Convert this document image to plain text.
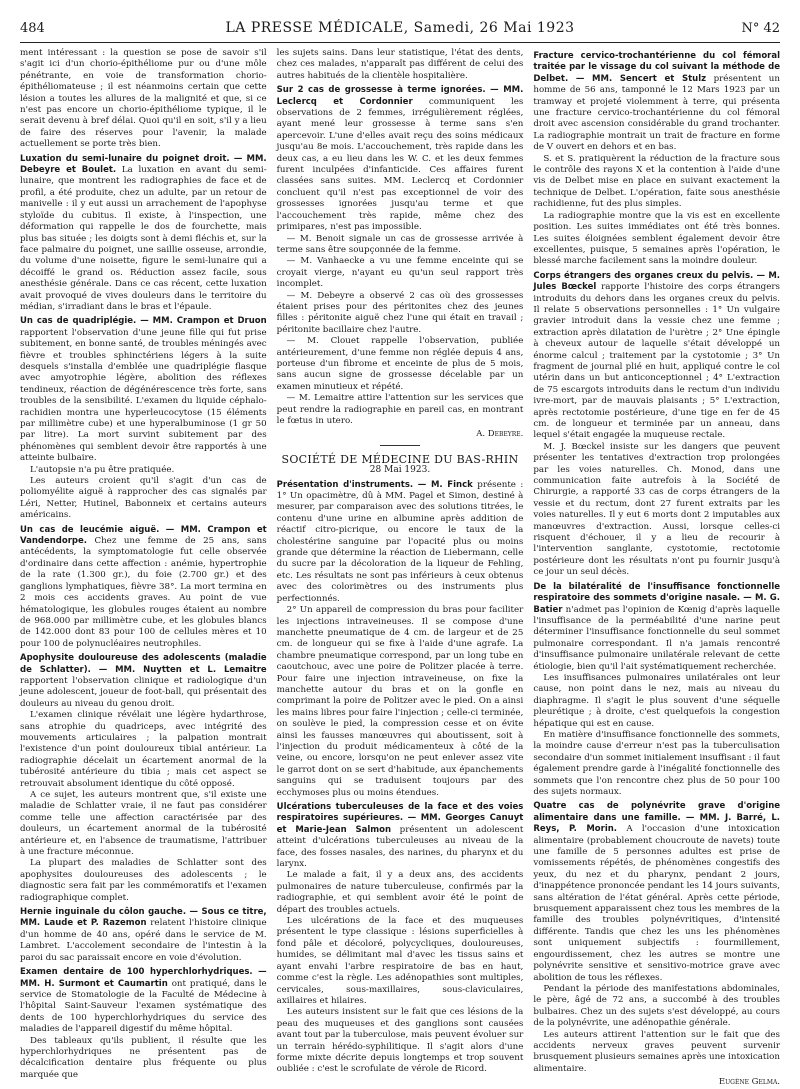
484	LA PRESSE MÉDICALE, Samedi, 26 Mai 1923	N° 42

ment intéressant : la question se pose de savoir s'il s'agit ici d'un chorio-épithéliome pur ou d'une môle pénétrante, en voie de transformation chorio-épithéliomateuse ; il est néanmoins certain que cette lésion a toutes les allures de la malignité et que, si ce n'est pas encore un chorio-épithéliome typique, il le serait devenu à bref délai. Quoi qu'il en soit, s'il y a lieu de faire des réserves pour l'avenir, la malade actuellement se porte très bien.

Luxation du semi-lunaire du poignet droit. — MM. Debeyre et Boulet. La luxation en avant du semi-lunaire, que montrent les radiographies de face et de profil, a été produite, chez un adulte, par un retour de manivelle : il y eut aussi un arrachement de l'apophyse styloïde du cubitus. Il existe, à l'inspection, une déformation qui rappelle le dos de fourchette, mais plus bas située ; les doigts sont à demi fléchis et, sur la face palmaire du poignet, une saillie osseuse, arrondie, du volume d'une noisette, figure le semi-lunaire qui a décoiffé le grand os. Réduction assez facile, sous anesthésie générale. Dans ce cas récent, cette luxation avait provoqué de vives douleurs dans le territoire du médian, s'irradiant dans le bras et l'épaule.

Un cas de quadriplégie. — MM. Crampon et Druon rapportent l'observation d'une jeune fille qui fut prise subitement, en bonne santé, de troubles méningés avec fièvre et troubles sphinctériens légers à la suite desquels s'installa d'emblée une quadriplégie flasque avec amyotrophie légère, abolition des réflexes tendineux, réaction de dégénérescence très forte, sans troubles de la sensibilité. L'examen du liquide céphalo-rachidien montra une hyperleucocytose (15 éléments par millimètre cube) et une hyperalbuminose (1 gr 50 par litre). La mort survint subitement par des phénomènes qui semblent devoir être rapportés à une atteinte bulbaire.

L'autopsie n'a pu être pratiquée.

Les auteurs croient qu'il s'agit d'un cas de poliomyélite aiguë à rapprocher des cas signalés par Léri, Netter, Hutinel, Babonneix et certains auteurs américains.

Un cas de leucémie aiguë. — MM. Crampon et Vandendorpe. Chez une femme de 25 ans, sans antécédents, la symptomatologie fut celle observée d'ordinaire dans cette affection : anémie, hypertrophie de la rate (1.300 gr.), du foie (2.700 gr.) et des ganglions lymphatiques, fièvre 38°. La mort termina en 2 mois ces accidents graves. Au point de vue hématologique, les globules rouges étaient au nombre de 968.000 par millimètre cube, et les globules blancs de 142.000 dont 83 pour 100 de cellules mères et 10 pour 100 de polynucléaires neutrophiles.

Apophysite douloureuse des adolescents (maladie de Schlatter). — MM. Nuytten et L. Lemaitre rapportent l'observation clinique et radiologique d'un jeune adolescent, joueur de foot-ball, qui présentait des douleurs au niveau du genou droit.

L'examen clinique révélait une légère hydarthrose, sans atrophie du quadriceps, avec intégrité des mouvements articulaires ; la palpation montrait l'existence d'un point douloureux tibial antérieur. La radiographie décelait un écartement anormal de la tubérosité antérieure du tibia ; mais cet aspect se retrouvait absolument identique du côté opposé.

A ce sujet, les auteurs montrent que, s'il existe une maladie de Schlatter vraie, il ne faut pas considérer comme telle une affection caractérisée par des douleurs, un écartement anormal de la tubérosité antérieure et, en l'absence de traumatisme, l'attribuer à une fracture méconnue.

La plupart des maladies de Schlatter sont des apophysites douloureuses des adolescents ; le diagnostic sera fait par les commémoratifs et l'examen radiographique complet.

Hernie inguinale du côlon gauche. — Sous ce titre, MM. Laude et P. Razemon relatent l'histoire clinique d'un homme de 40 ans, opéré dans le service de M. Lambret. L'accolement secondaire de l'intestin à la paroi du sac paraissait encore en voie d'évolution.

Examen dentaire de 100 hyperchlorhydriques. — MM. H. Surmont et Caumartin ont pratiqué, dans le service de Stomatologie de la Faculté de Médecine à l'hôpital Saint-Sauveur l'examen systématique des dents de 100 hyperchlorhydriques du service des maladies de l'appareil digestif du même hôpital.

Des tableaux qu'ils publient, il résulte que les hyperchlorhydriques ne présentent pas de décalcification dentaire plus fréquente ou plus marquée que

les sujets sains. Dans leur statistique, l'état des dents, chez ces malades, n'apparaît pas différent de celui des autres habitués de la clientèle hospitalière.

Sur 2 cas de grossesse à terme ignorées. — MM. Leclercq et Cordonnier communiquent les observations de 2 femmes, irrégulièrement réglées, ayant mené leur grossesse à terme sans s'en apercevoir. L'une d'elles avait reçu des soins médicaux jusqu'au 8e mois. L'accouchement, très rapide dans les deux cas, a eu lieu dans les W. C. et les deux femmes furent inculpées d'infanticide. Ces affaires furent classées sans suites. MM. Leclercq et Cordonnier concluent qu'il n'est pas exceptionnel de voir des grossesses ignorées jusqu'au terme et que l'accouchement très rapide, même chez des primipares, n'est pas impossible.

— M. Benoit signale un cas de grossesse arrivée à terme sans être soupçonnée de la femme.

— M. Vanhaecke a vu une femme enceinte qui se croyait vierge, n'ayant eu qu'un seul rapport très incomplet.

— M. Debeyre a observé 2 cas où des grossesses étaient prises pour des péritonites chez des jeunes filles : péritonite aiguë chez l'une qui était en travail ; péritonite bacillaire chez l'autre.

— M. Clouet rappelle l'observation, publiée antérieurement, d'une femme non réglée depuis 4 ans, porteuse d'un fibrome et enceinte de plus de 5 mois, sans aucun signe de grossesse décelable par un examen minutieux et répété.

— M. Lemaitre attire l'attention sur les services que peut rendre la radiographie en pareil cas, en montrant le fœtus in utero.

A. Debeyre.
SOCIÉTÉ DE MÉDECINE DU BAS-RHIN
28 Mai 1923.

Présentation d'instruments. — M. Finck présente : 1° Un opacimètre, dû à MM. Pagel et Simon, destiné à mesurer, par comparaison avec des solutions titrées, le contenu d'une urine en albumine après addition de réactif citro-picrique, ou encore le taux de la cholestérine sanguine par l'opacité plus ou moins grande que détermine la réaction de Liebermann, celle du sucre par la décoloration de la liqueur de Fehling, etc. Les résultats ne sont pas inférieurs à ceux obtenus avec des colorimètres ou des instruments plus perfectionnés.

2° Un appareil de compression du bras pour faciliter les injections intraveineuses. Il se compose d'une manchette pneumatique de 4 cm. de largeur et de 25 cm. de longueur qui se fixe à l'aide d'une agrafe. La chambre pneumatique correspond, par un long tube en caoutchouc, avec une poire de Politzer placée à terre. Pour faire une injection intraveineuse, on fixe la manchette autour du bras et on la gonfle en comprimant la poire de Politzer avec le pied. On a ainsi les mains libres pour faire l'injection ; celle-ci terminée, on soulève le pied, la compression cesse et on évite ainsi les fausses manœuvres qui aboutissent, soit à l'injection du produit médicamenteux à côté de la veine, ou encore, lorsqu'on ne peut enlever assez vite le garrot dont on se sert d'habitude, aux épanchements sanguins qui se traduisent toujours par des ecchymoses plus ou moins étendues.

Ulcérations tuberculeuses de la face et des voies respiratoires supérieures. — MM. Georges Canuyt et Marie-Jean Salmon présentent un adolescent atteint d'ulcérations tuberculeuses au niveau de la face, des fosses nasales, des narines, du pharynx et du larynx.

Le malade a fait, il y a deux ans, des accidents pulmonaires de nature tuberculeuse, confirmés par la radiographie, et qui semblent avoir été le point de départ des troubles actuels.

Les ulcérations de la face et des muqueuses présentent le type classique : lésions superficielles à fond pâle et décoloré, polycycliques, douloureuses, humides, se délimitant mal d'avec les tissus sains et ayant envahi l'arbre respiratoire de bas en haut, comme c'est la règle. Les adénopathies sont multiples, cervicales, sous-maxillaires, sous-claviculaires, axillaires et hilaires.

Les auteurs insistent sur le fait que ces lésions de la peau des muqueuses et des ganglions sont causées avant tout par la tuberculose, mais peuvent évoluer sur un terrain hérédo-syphilitique. Il s'agit alors d'une forme mixte décrite depuis longtemps et trop souvent oubliée : c'est le scrofulate de vérole de Ricord.

Fracture cervico-trochantérienne du col fémoral traitée par le vissage du col suivant la méthode de Delbet. — MM. Sencert et Stulz présentent un homme de 56 ans, tamponné le 12 Mars 1923 par un tramway et projeté violemment à terre, qui présenta une fracture cervico-trochantérienne du col fémoral droit avec ascension considérable du grand trochanter. La radiographie montrait un trait de fracture en forme de V ouvert en dehors et en bas.

S. et S. pratiquèrent la réduction de la fracture sous le contrôle des rayons X et la contention à l'aide d'une vis de Delbet mise en place en suivant exactement la technique de Delbet. L'opération, faite sous anesthésie rachidienne, fut des plus simples.

La radiographie montre que la vis est en excellente position. Les suites immédiates ont été très bonnes. Les suites éloignées semblent également devoir être excellentes, puisque, 5 semaines après l'opération, le blessé marche facilement sans la moindre douleur.

Corps étrangers des organes creux du pelvis. — M. Jules Bœckel rapporte l'histoire des corps étrangers introduits du dehors dans les organes creux du pelvis. Il relate 5 observations personnelles : 1° Un vulgaire gravier introduit dans la vessie chez une femme ; extraction après dilatation de l'urètre ; 2° Une épingle à cheveux autour de laquelle s'était développé un énorme calcul ; traitement par la cystotomie ; 3° Un fragment de journal plié en huit, appliqué contre le col utérin dans un but anticonceptionnel ; 4° L'extraction de 75 escargots introduits dans le rectum d'un individu ivre-mort, par de mauvais plaisants ; 5° L'extraction, après rectotomie postérieure, d'une tige en fer de 45 cm. de longueur et terminée par un anneau, dans lequel s'était engagée la muqueuse rectale.

M. J. Bœckel insiste sur les dangers que peuvent présenter les tentatives d'extraction trop prolongées par les voies naturelles. Ch. Monod, dans une communication faite autrefois à la Société de Chirurgie, a rapporté 33 cas de corps étrangers de la vessie et du rectum, dont 27 furent extraits par les voies naturelles. Il y eut 6 morts dont 2 imputables aux manœuvres d'extraction. Aussi, lorsque celles-ci risquent d'échouer, il y a lieu de recourir à l'intervention sanglante, cystotomie, rectotomie postérieure dont les résultats n'ont pu fournir jusqu'à ce jour un seul décès.

De la bilatéralité de l'insuffisance fonctionnelle respiratoire des sommets d'origine nasale. — M. G. Batier n'admet pas l'opinion de Kœnig d'après laquelle l'insuffisance de la perméabilité d'une narine peut déterminer l'insuffisance fonctionnelle du seul sommet pulmonaire correspondant. Il n'a jamais rencontré d'insuffisance pulmonaire unilatérale relevant de cette étiologie, bien qu'il l'ait systématiquement recherchée.

Les insuffisances pulmonaires unilatérales ont leur cause, non point dans le nez, mais au niveau du diaphragme. Il s'agit le plus souvent d'une séquelle pleurétique ; à droite, c'est quelquefois la congestion hépatique qui est en cause.

En matière d'insuffisance fonctionnelle des sommets, la moindre cause d'erreur n'est pas la tuberculisation secondaire d'un sommet initialement insuffisant : il faut également prendre garde à l'inégalité fonctionnelle des sommets que l'on rencontre chez plus de 50 pour 100 des sujets normaux.

Quatre cas de polynévrite grave d'origine alimentaire dans une famille. — MM. J. Barré, L. Reys, P. Morin. A l'occasion d'une intoxication alimentaire (probablement choucroute de navets) toute une famille de 5 personnes adultes est prise de vomissements répétés, de phénomènes congestifs des yeux, du nez et du pharynx, pendant 2 jours, d'inappétence prononcée pendant les 14 jours suivants, sans altération de l'état général. Après cette période, brusquement apparaissent chez tous les membres de la famille des troubles polynévritiques, d'intensité différente. Tandis que chez les uns les phénomènes sont uniquement subjectifs : fourmillement, engourdissement, chez les autres se montre une polynévrite sensitive et sensitivo-motrice grave avec abolition de tous les réflexes.

Pendant la période des manifestations abdominales, le père, âgé de 72 ans, a succombé à des troubles bulbaires. Chez un des sujets s'est développé, au cours de la polynévrite, une adénopathie générale.

Les auteurs attirent l'attention sur le fait que des accidents nerveux graves peuvent survenir brusquement plusieurs semaines après une intoxication alimentaire.

Eugène Gelma.
